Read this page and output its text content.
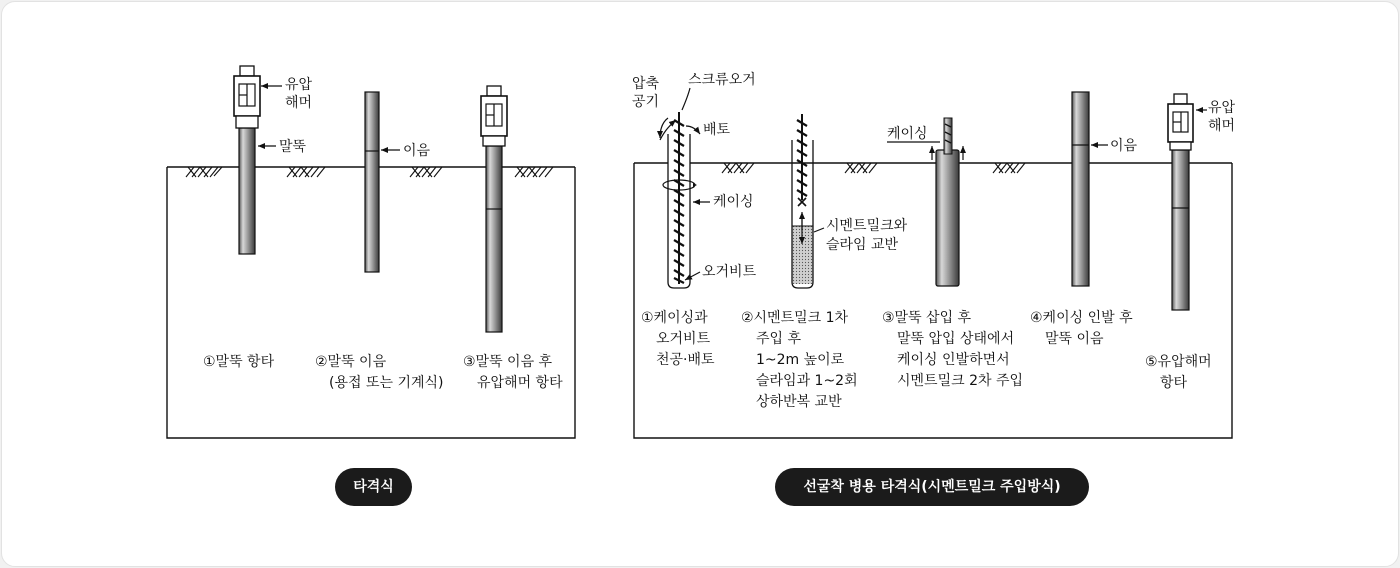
유압
해머
말뚝	이음
①말뚝 항타	②말뚝 이음
(용접 또는 기계식)
③말뚝 이음 후
유압해머 항타
압축
공기
스크류오거
배토
케이싱
오거비트
시멘트밀크와
슬라임 교반
케이싱
이음
유압
해머
①케이싱과
오거비트
천공·배토
②시멘트밀크 1차
주입 후
1~2m 높이로
슬라임과 1~2회
상하반복 교반
③말뚝 삽입 후
말뚝 압입 상태에서
케이싱 인발하면서
시멘트밀크 2차 주입
④케이싱 인발 후
말뚝 이음
⑤유압해머
항타
타격식	선굴착 병용 타격식(시멘트밀크 주입방식)
